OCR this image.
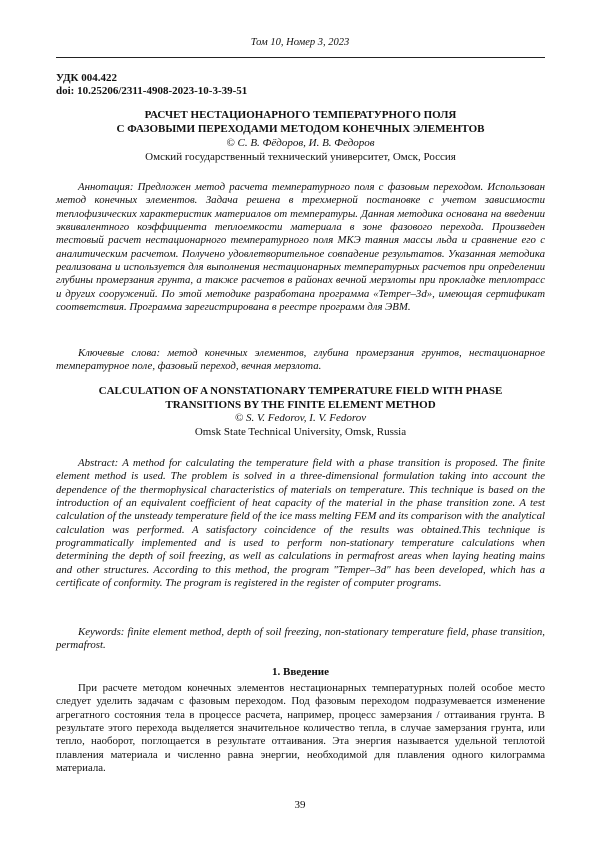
Том 10, Номер 3, 2023
УДК 004.422
doi: 10.25206/2311-4908-2023-10-3-39-51
РАСЧЕТ НЕСТАЦИОНАРНОГО ТЕМПЕРАТУРНОГО ПОЛЯ
С ФАЗОВЫМИ ПЕРЕХОДАМИ МЕТОДОМ КОНЕЧНЫХ ЭЛЕМЕНТОВ
© С. В. Фёдоров, И. В. Федоров
Омский государственный технический университет, Омск, Россия
Аннотация: Предложен метод расчета температурного поля с фазовым переходом. Использован метод конечных элементов. Задача решена в трехмерной постановке с учетом зависимости теплофизических характеристик материалов от температуры. Данная методика основана на введении эквивалентного коэффициента теплоемкости материала в зоне фазового перехода. Произведен тестовый расчет нестационарного температурного поля МКЭ таяния массы льда и сравнение его с аналитическим расчетом. Получено удовлетворительное совпадение результатов. Указанная методика реализована и используется для выполнения нестационарных температурных расчетов при определении глубины промерзания грунта, а также расчетов в районах вечной мерзлоты при прокладке теплотрасс и других сооружений. По этой методике разработана программа «Temper–3d», имеющая сертификат соответствия. Программа зарегистрирована в реестре программ для ЭВМ.
Ключевые слова: метод конечных элементов, глубина промерзания грунтов, нестационарное температурное поле, фазовый переход, вечная мерзлота.
CALCULATION OF A NONSTATIONARY TEMPERATURE FIELD WITH PHASE
TRANSITIONS BY THE FINITE ELEMENT METHOD
© S. V. Fedorov, I. V. Fedorov
Omsk State Technical University, Omsk, Russia
Abstract: A method for calculating the temperature field with a phase transition is proposed. The finite element method is used. The problem is solved in a three-dimensional formulation taking into account the dependence of the thermophysical characteristics of materials on temperature. This technique is based on the introduction of an equivalent coefficient of heat capacity of the material in the phase transition zone. A test calculation of the unsteady temperature field of the ice mass melting FEM and its comparison with the analytical calculation was performed. A satisfactory coincidence of the results was obtained.This technique is programmatically implemented and is used to perform non-stationary temperature calculations when determining the depth of soil freezing, as well as calculations in permafrost areas when laying heating mains and other structures. According to this method, the program "Temper–3d" has been developed, which has a certificate of conformity. The program is registered in the register of computer programs.
Keywords: finite element method, depth of soil freezing, non-stationary temperature field, phase transition, permafrost.
1. Введение
При расчете методом конечных элементов нестационарных температурных полей особое место следует уделить задачам с фазовым переходом. Под фазовым переходом подразумевается изменение агрегатного состояния тела в процессе расчета, например, процесс замерзания / оттаивания грунта. В результате этого перехода выделяется значительное количество тепла, в случае замерзания грунта, или тепло, наоборот, поглощается в результате оттаивания. Эта энергия называется удельной теплотой плавления материала и численно равна энергии, необходимой для плавления одного килограмма материала.
39
